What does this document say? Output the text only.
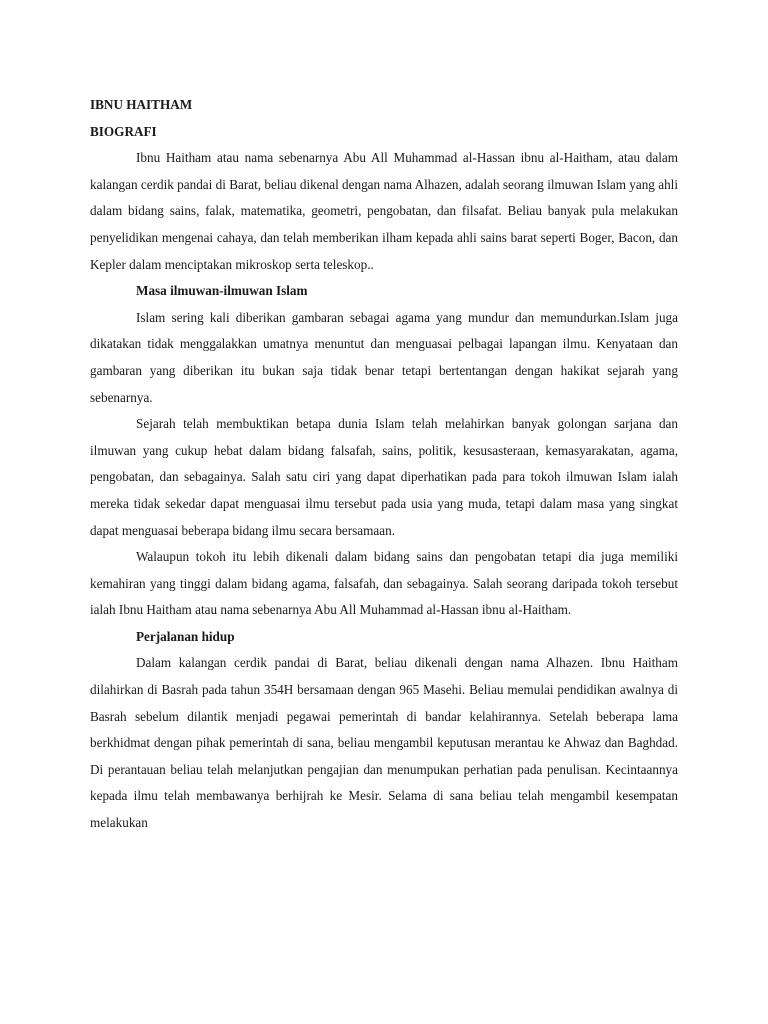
IBNU HAITHAM
BIOGRAFI

Ibnu Haitham atau nama sebenarnya Abu All Muhammad al-Hassan ibnu al-Haitham, atau dalam kalangan cerdik pandai di Barat, beliau dikenal dengan nama Alhazen, adalah seorang ilmuwan Islam yang ahli dalam bidang sains, falak, matematika, geometri, pengobatan, dan filsafat. Beliau banyak pula melakukan penyelidikan mengenai cahaya, dan telah memberikan ilham kepada ahli sains barat seperti Boger, Bacon, dan Kepler dalam menciptakan mikroskop serta teleskop..

Masa ilmuwan-ilmuwan Islam

Islam sering kali diberikan gambaran sebagai agama yang mundur dan memundurkan.Islam juga dikatakan tidak menggalakkan umatnya menuntut dan menguasai pelbagai lapangan ilmu. Kenyataan dan gambaran yang diberikan itu bukan saja tidak benar tetapi bertentangan dengan hakikat sejarah yang sebenarnya.

Sejarah telah membuktikan betapa dunia Islam telah melahirkan banyak golongan sarjana dan ilmuwan yang cukup hebat dalam bidang falsafah, sains, politik, kesusasteraan, kemasyarakatan, agama, pengobatan, dan sebagainya. Salah satu ciri yang dapat diperhatikan pada para tokoh ilmuwan Islam ialah mereka tidak sekedar dapat menguasai ilmu tersebut pada usia yang muda, tetapi dalam masa yang singkat dapat menguasai beberapa bidang ilmu secara bersamaan.

Walaupun tokoh itu lebih dikenali dalam bidang sains dan pengobatan tetapi dia juga memiliki kemahiran yang tinggi dalam bidang agama, falsafah, dan sebagainya. Salah seorang daripada tokoh tersebut ialah Ibnu Haitham atau nama sebenarnya Abu All Muhammad al-Hassan ibnu al-Haitham.

Perjalanan hidup

Dalam kalangan cerdik pandai di Barat, beliau dikenali dengan nama Alhazen. Ibnu Haitham dilahirkan di Basrah pada tahun 354H bersamaan dengan 965 Masehi. Beliau memulai pendidikan awalnya di Basrah sebelum dilantik menjadi pegawai pemerintah di bandar kelahirannya. Setelah beberapa lama berkhidmat dengan pihak pemerintah di sana, beliau mengambil keputusan merantau ke Ahwaz dan Baghdad. Di perantauan beliau telah melanjutkan pengajian dan menumpukan perhatian pada penulisan. Kecintaannya kepada ilmu telah membawanya berhijrah ke Mesir. Selama di sana beliau telah mengambil kesempatan melakukan
